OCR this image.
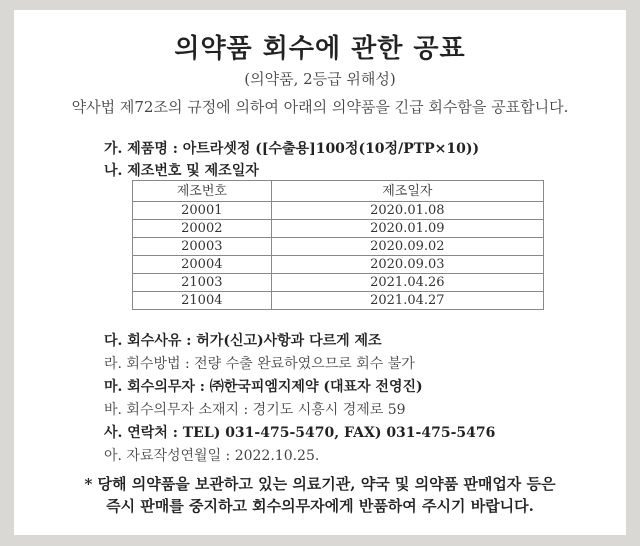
의약품 회수에 관한 공표
(의약품, 2등급 위해성)
약사법 제72조의 규정에 의하여 아래의 의약품을 긴급 회수함을 공표합니다.
가. 제품명 : 아트라셋정 ([수출용]100정(10정/PTP×10))
나. 제조번호 및 제조일자
제조번호	제조일자
20001	2020.01.08
20002	2020.01.09
20003	2020.09.02
20004	2020.09.03
21003	2021.04.26
21004	2021.04.27
다. 회수사유 : 허가(신고)사항과 다르게 제조
라. 회수방법 : 전량 수출 완료하였으므로 회수 불가
마. 회수의무자 : ㈜한국피엠지제약 (대표자 전영진)
바. 회수의무자 소재지 : 경기도 시흥시 경제로 59
사. 연락처 : TEL) 031-475-5470, FAX) 031-475-5476
아. 자료작성연월일 : 2022.10.25.
* 당해 의약품을 보관하고 있는 의료기관, 약국 및 의약품 판매업자 등은
즉시 판매를 중지하고 회수의무자에게 반품하여 주시기 바랍니다.
